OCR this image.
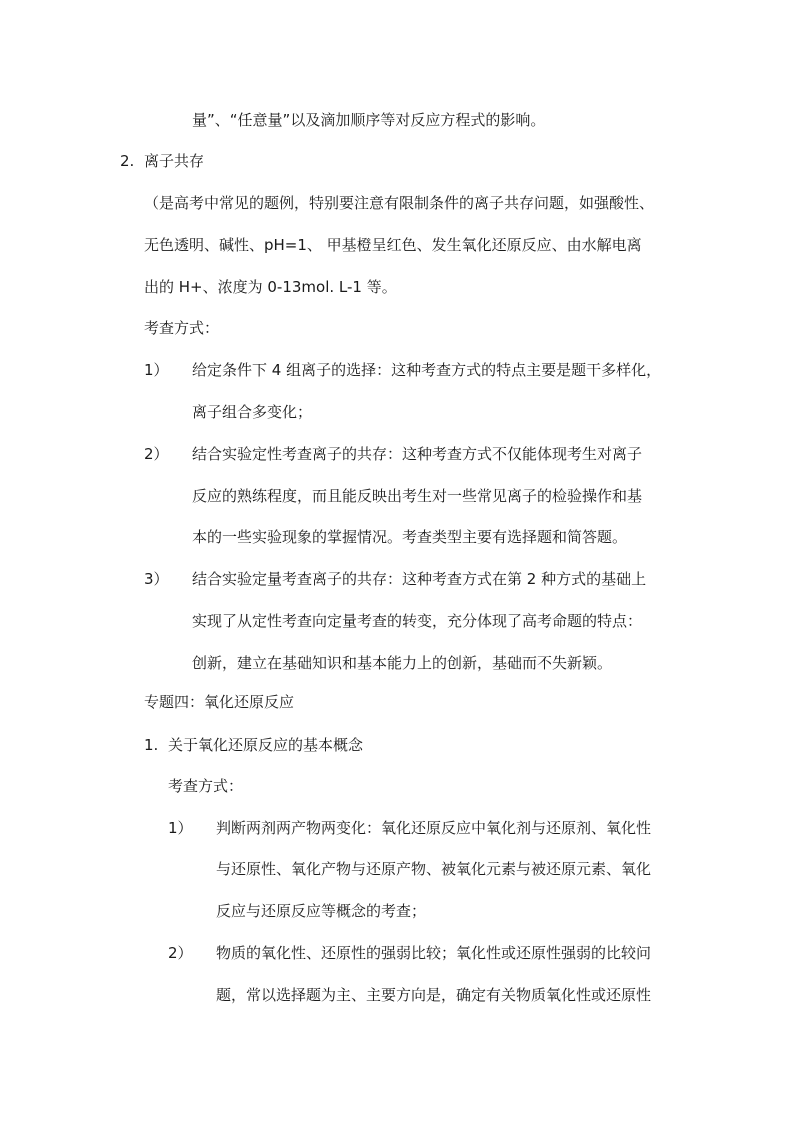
量”、“任意量”以及滴加顺序等对反应方程式的影响。
2. 离子共存
（是高考中常见的题例，特别要注意有限制条件的离子共存问题，如强酸性、
无色透明、碱性、pH=1、 甲基橙呈红色、发生氧化还原反应、由水解电离
出的 H+、浓度为 0-13mol. L-1 等。
考查方式：
1） 给定条件下 4 组离子的选择：这种考查方式的特点主要是题干多样化，
离子组合多变化；
2） 结合实验定性考查离子的共存：这种考查方式不仅能体现考生对离子
反应的熟练程度，而且能反映出考生对一些常见离子的检验操作和基
本的一些实验现象的掌握情况。考查类型主要有选择题和简答题。
3） 结合实验定量考查离子的共存：这种考查方式在第 2 种方式的基础上
实现了从定性考查向定量考查的转变，充分体现了高考命题的特点：
创新，建立在基础知识和基本能力上的创新，基础而不失新颖。
专题四：氧化还原反应
1. 关于氧化还原反应的基本概念
考查方式：
1） 判断两剂两产物两变化：氧化还原反应中氧化剂与还原剂、氧化性
与还原性、氧化产物与还原产物、被氧化元素与被还原元素、氧化
反应与还原反应等概念的考查；
2） 物质的氧化性、还原性的强弱比较；氧化性或还原性强弱的比较问
题，常以选择题为主、主要方向是，确定有关物质氧化性或还原性
